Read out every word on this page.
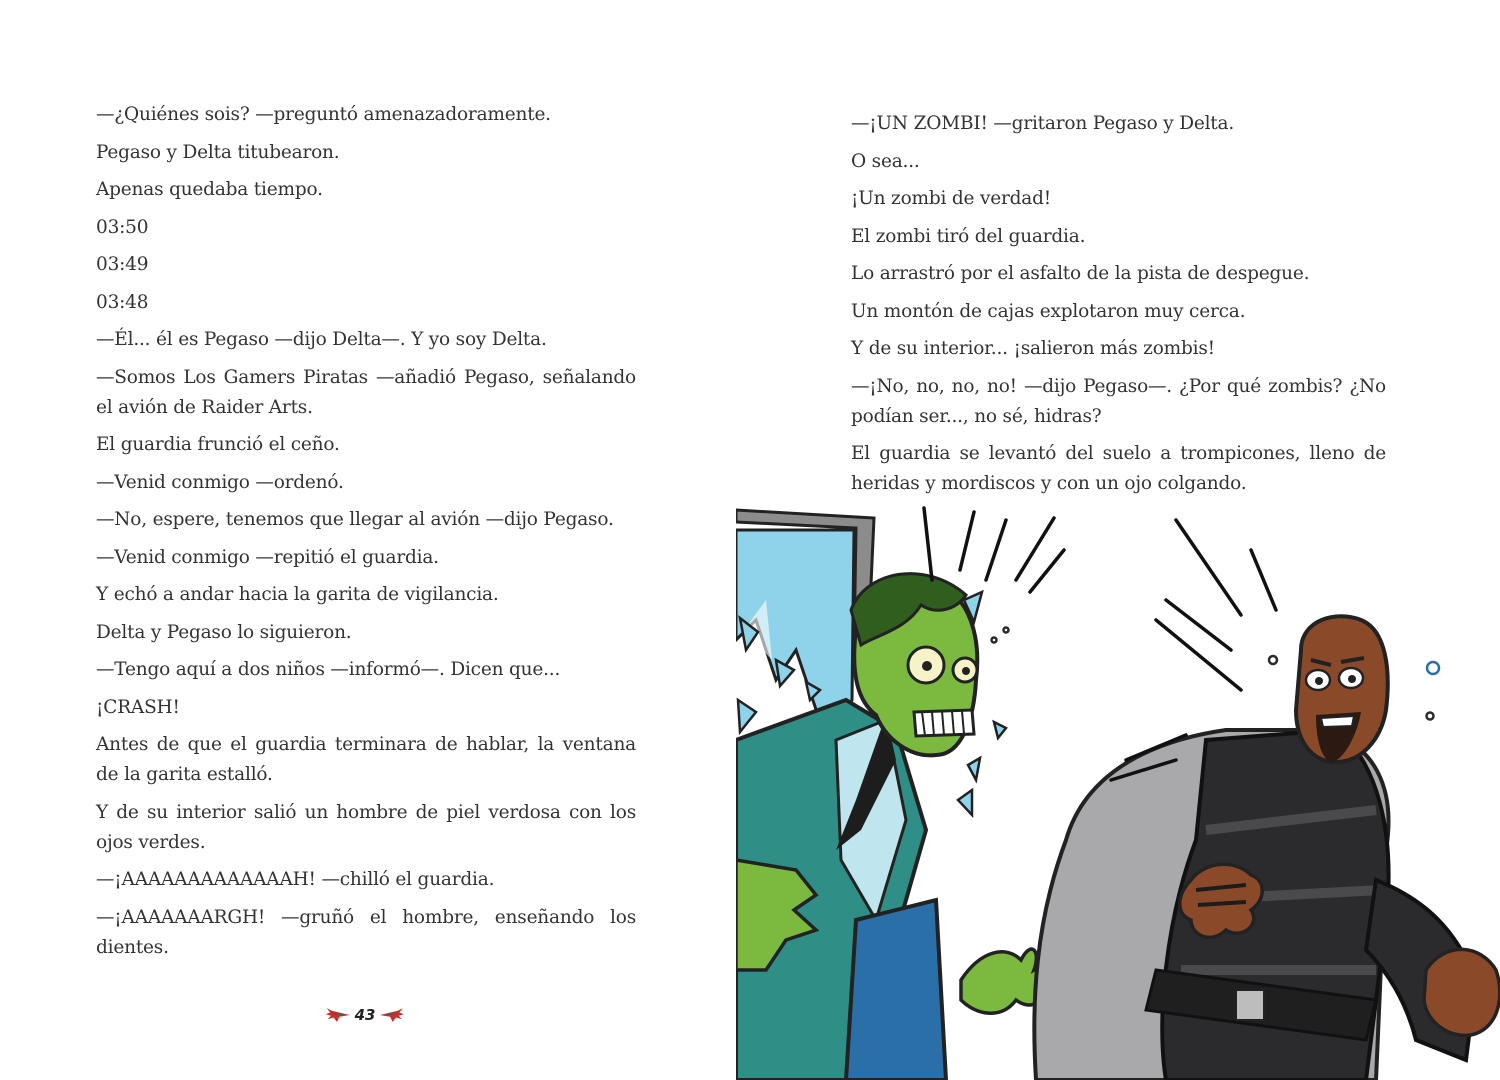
—¿Quiénes sois? —preguntó amenazadoramente.

Pegaso y Delta titubearon.

Apenas quedaba tiempo.

03:50

03:49

03:48

—Él... él es Pegaso —dijo Delta—. Y yo soy Delta.

—Somos Los Gamers Piratas —añadió Pegaso, señalando el avión de Raider Arts.

El guardia frunció el ceño.

—Venid conmigo —ordenó.

—No, espere, tenemos que llegar al avión —dijo Pegaso.

—Venid conmigo —repitió el guardia.

Y echó a andar hacia la garita de vigilancia.

Delta y Pegaso lo siguieron.

—Tengo aquí a dos niños —informó—. Dicen que...

¡CRASH!

Antes de que el guardia terminara de hablar, la ventana de la garita estalló.

Y de su interior salió un hombre de piel verdosa con los ojos verdes.

—¡AAAAAAAAAAAAAH! —chilló el guardia.

—¡AAAAAAARGH! —gruñó el hombre, enseñando los dientes.

43

—¡UN ZOMBI! —gritaron Pegaso y Delta.

O sea...

¡Un zombi de verdad!

El zombi tiró del guardia.

Lo arrastró por el asfalto de la pista de despegue.

Un montón de cajas explotaron muy cerca.

Y de su interior... ¡salieron más zombis!

—¡No, no, no, no! —dijo Pegaso—. ¿Por qué zombis? ¿No podían ser..., no sé, hidras?

El guardia se levantó del suelo a trompicones, lleno de heridas y mordiscos y con un ojo colgando.
